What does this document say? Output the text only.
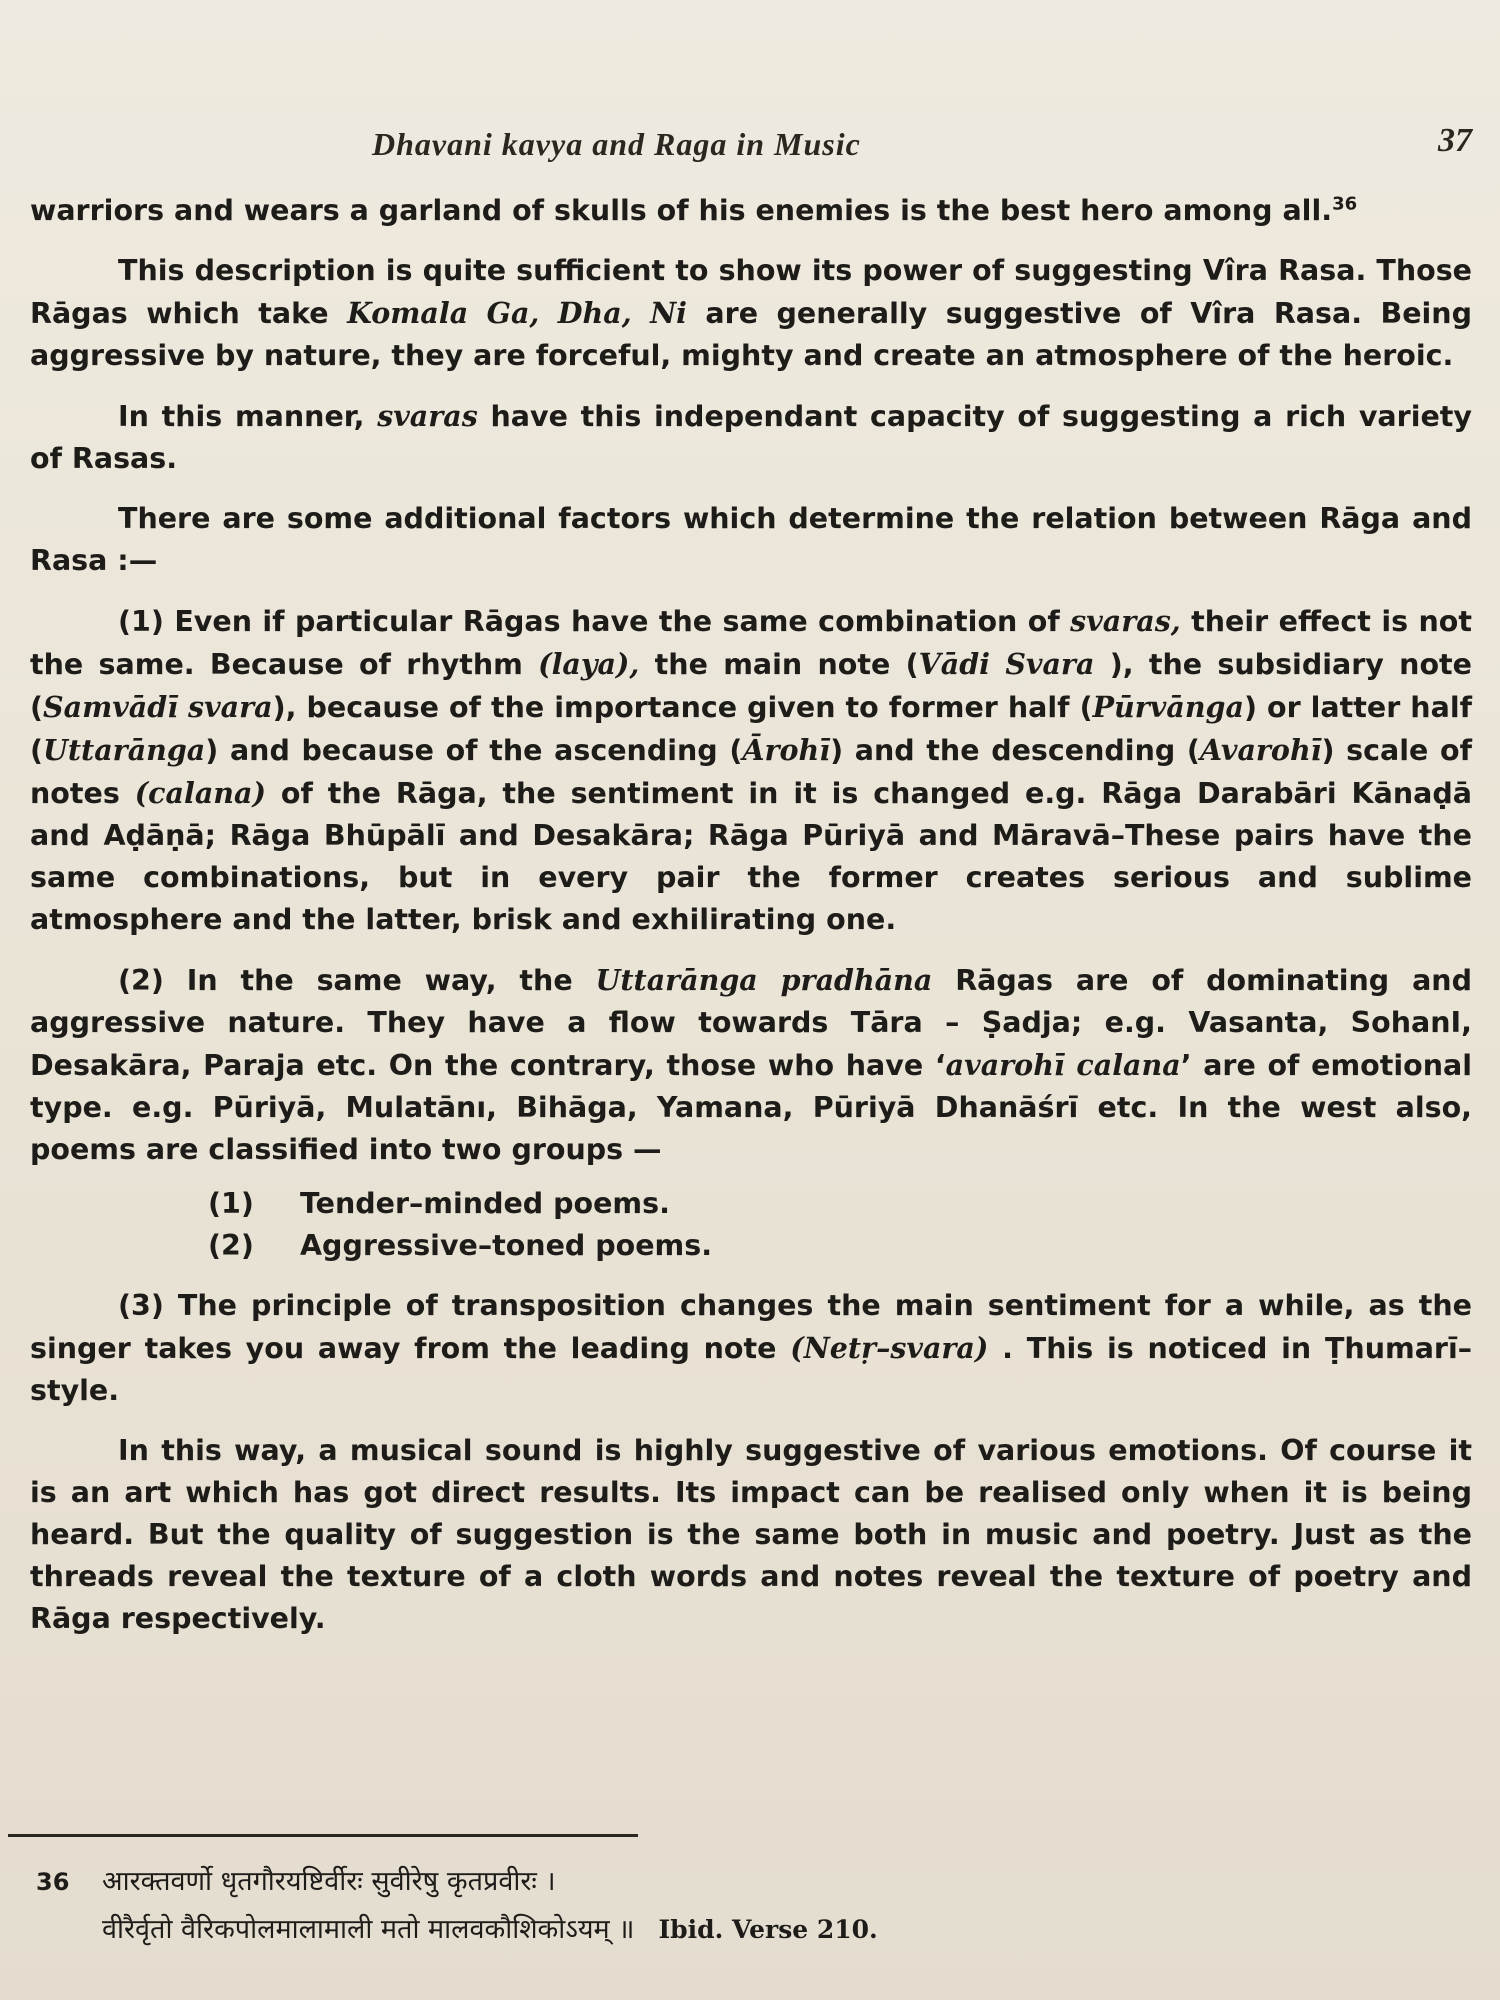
Dhavani kavya and Raga in Music	37

warriors and wears a garland of skulls of his enemies is the best hero among all.$^{36}$

This description is quite sufficient to show its power of suggesting Vîra Rasa. Those Rāgas which take Komala Ga, Dha, Ni are generally suggestive of Vîra Rasa. Being aggressive by nature, they are forceful, mighty and create an atmosphere of the heroic.

In this manner, svaras have this independant capacity of suggesting a rich variety of Rasas.

There are some additional factors which determine the relation between Rāga and Rasa :—

(1) Even if particular Rāgas have the same combination of svaras, their effect is not the same. Because of rhythm (laya), the main note (Vādi Svara ), the subsidiary note (Samvādī svara), because of the importance given to former half (Pūrvānga) or latter half (Uttarānga) and because of the ascending (Ārohī) and the descending (Avarohī) scale of notes (calana) of the Rāga, the sentiment in it is changed e.g. Rāga Darabāri Kānaḍā and Aḍāṇā; Rāga Bhūpālī and Desakāra; Rāga Pūriyā and Māravā–These pairs have the same combinations, but in every pair the former creates serious and sublime atmosphere and the latter, brisk and exhilirating one.

(2) In the same way, the Uttarānga pradhāna Rāgas are of dominating and aggressive nature. They have a flow towards Tāra – Ṣadja; e.g. Vasanta, SohanI, Desakāra, Paraja etc. On the contrary, those who have ‘avarohī calana’ are of emotional type. e.g. Pūriyā, Mulatānı, Bihāga, Yamana, Pūriyā Dhanāśrī etc. In the west also, poems are classified into two groups —

(1) Tender–minded poems.
(2) Aggressive–toned poems.

(3) The principle of transposition changes the main sentiment for a while, as the singer takes you away from the leading note (Netṛ–svara) . This is noticed in Ṭhumarī–style.

In this way, a musical sound is highly suggestive of various emotions. Of course it is an art which has got direct results. Its impact can be realised only when it is being heard. But the quality of suggestion is the same both in music and poetry. Just as the threads reveal the texture of a cloth words and notes reveal the texture of poetry and Rāga respectively.

36 आरक्तवर्णो धृतगौरयष्टिर्वीरः सुवीरेषु कृतप्रवीरः ।
वीरैर्वृतो वैरिकपोलमालामाली मतो मालवकौशिकोऽयम् ॥ Ibid. Verse 210.
